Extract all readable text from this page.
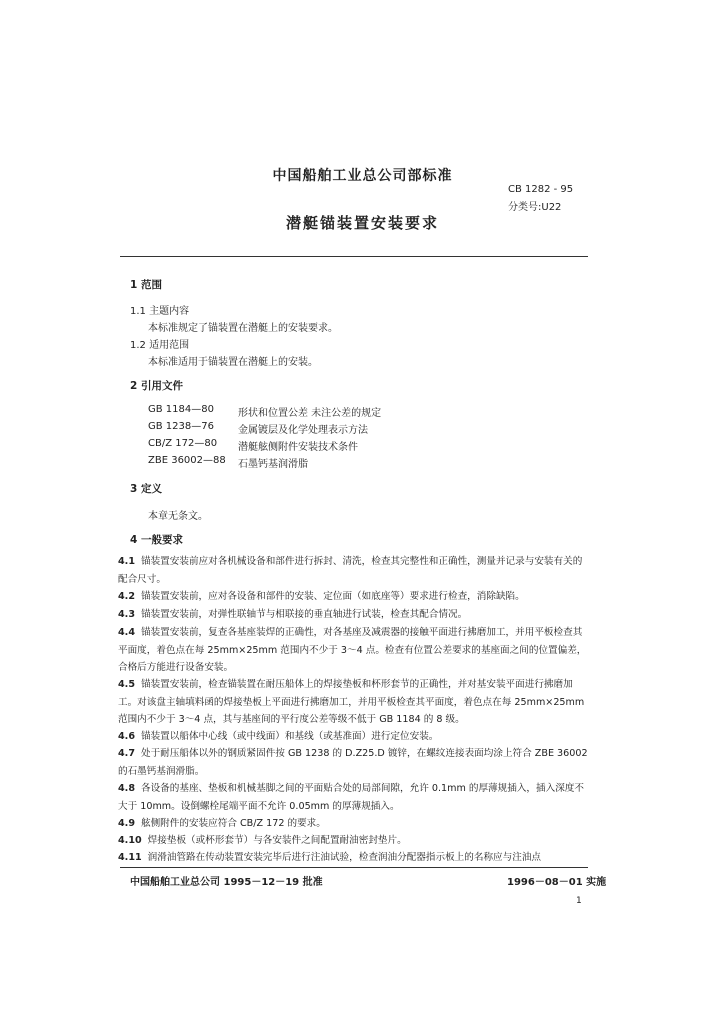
中国船舶工业总公司部标准
CB 1282 - 95
分类号:U22
潜艇锚装置安装要求
1 范围
1.1 主题内容
本标准规定了锚装置在潜艇上的安装要求。
1.2 适用范围
本标准适用于锚装置在潜艇上的安装。
2 引用文件
GB 1184—80 形状和位置公差 未注公差的规定
GB 1238—76 金属镀层及化学处理表示方法
CB/Z 172—80 潜艇舷侧附件安装技术条件
ZBE 36002—88 石墨钙基润滑脂
3 定义
本章无条文。
4 一般要求
4.1 锚装置安装前应对各机械设备和部件进行拆封、清洗，检查其完整性和正确性，测量并记录与安装有关的配合尺寸。
4.2 锚装置安装前，应对各设备和部件的安装、定位面（如底座等）要求进行检查，消除缺陷。
4.3 锚装置安装前，对弹性联轴节与相联接的垂直轴进行试装，检查其配合情况。
4.4 锚装置安装前，复查各基座装焊的正确性，对各基座及减震器的接触平面进行拂磨加工，并用平板检查其平面度，着色点在每 25mm×25mm 范围内不少于 3～4 点。检查有位置公差要求的基座面之间的位置偏差，合格后方能进行设备安装。
4.5 锚装置安装前，检查锚装置在耐压船体上的焊接垫板和杯形套节的正确性，并对基安装平面进行拂磨加工。对该盘主轴填料函的焊接垫板上平面进行拂磨加工，并用平板检查其平面度，着色点在每 25mm×25mm 范围内不少于 3～4 点，其与基座间的平行度公差等级不低于 GB 1184 的 8 级。
4.6 锚装置以船体中心线（或中线面）和基线（或基准面）进行定位安装。
4.7 处于耐压船体以外的钢质紧固件按 GB 1238 的 D.Z25.D 镀锌，在螺纹连接表面均涂上符合 ZBE 36002 的石墨钙基润滑脂。
4.8 各设备的基座、垫板和机械基脚之间的平面贴合处的局部间隙，允许 0.1mm 的厚薄规插入，插入深度不大于 10mm。设倒螺栓尾端平面不允许 0.05mm 的厚薄规插入。
4.9 舷侧附件的安装应符合 CB/Z 172 的要求。
4.10 焊接垫板（或杯形套节）与各安装件之间配置耐油密封垫片。
4.11 润滑油管路在传动装置安装完毕后进行注油试验，检查润油分配器指示板上的名称应与注油点
中国船舶工业总公司 1995－12－19 批准	1996－08－01 实施
1
